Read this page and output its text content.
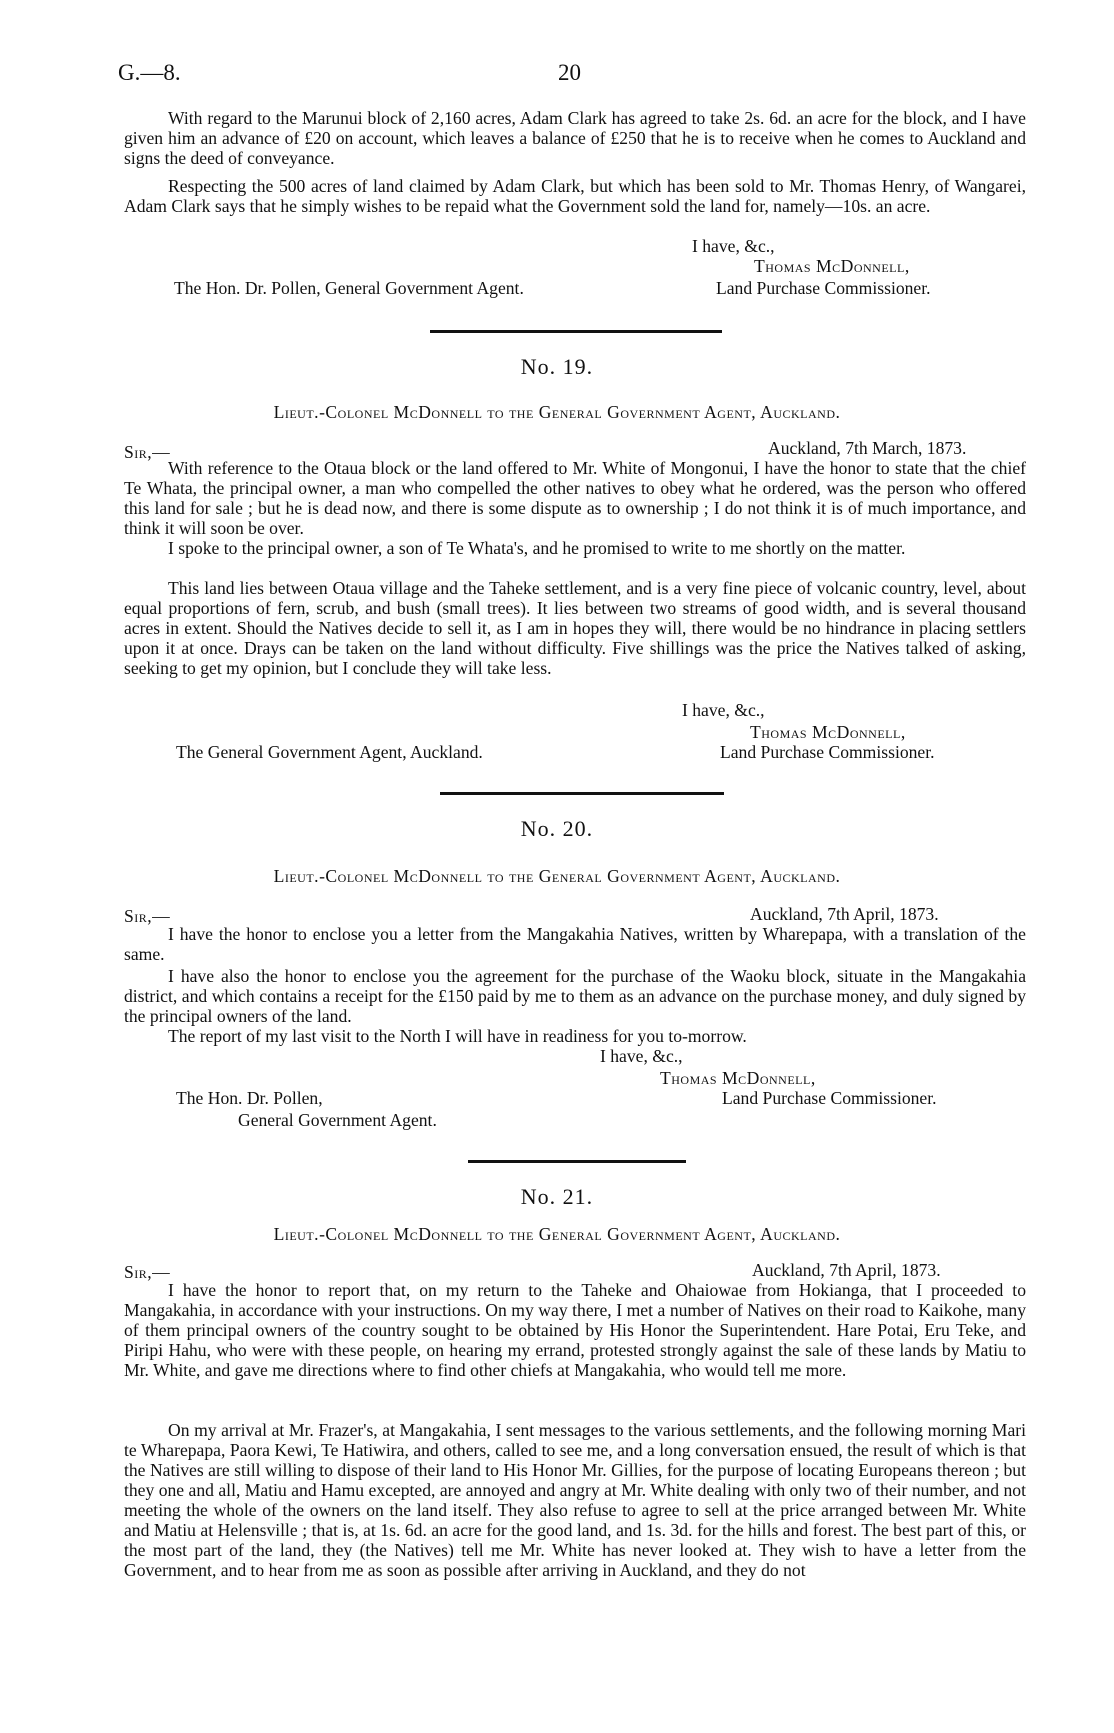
G.—8.	20

With regard to the Marunui block of 2,160 acres, Adam Clark has agreed to take 2s. 6d. an acre for the block, and I have given him an advance of £20 on account, which leaves a balance of £250 that he is to receive when he comes to Auckland and signs the deed of conveyance.

Respecting the 500 acres of land claimed by Adam Clark, but which has been sold to Mr. Thomas Henry, of Wangarei, Adam Clark says that he simply wishes to be repaid what the Government sold the land for, namely—10s. an acre.

I have, &c.,
Thomas McDonnell,
The Hon. Dr. Pollen, General Government Agent.	Land Purchase Commissioner.
No. 19.
Lieut.-Colonel McDonnell to the General Government Agent, Auckland.
Sir,—	Auckland, 7th March, 1873.

With reference to the Otaua block or the land offered to Mr. White of Mongonui, I have the honor to state that the chief Te Whata, the principal owner, a man who compelled the other natives to obey what he ordered, was the person who offered this land for sale ; but he is dead now, and there is some dispute as to ownership ; I do not think it is of much importance, and think it will soon be over.

I spoke to the principal owner, a son of Te Whata's, and he promised to write to me shortly on the matter.

This land lies between Otaua village and the Taheke settlement, and is a very fine piece of volcanic country, level, about equal proportions of fern, scrub, and bush (small trees). It lies between two streams of good width, and is several thousand acres in extent. Should the Natives decide to sell it, as I am in hopes they will, there would be no hindrance in placing settlers upon it at once. Drays can be taken on the land without difficulty. Five shillings was the price the Natives talked of asking, seeking to get my opinion, but I conclude they will take less.

I have, &c.,
Thomas McDonnell,
The General Government Agent, Auckland.	Land Purchase Commissioner.
No. 20.
Lieut.-Colonel McDonnell to the General Government Agent, Auckland.
Sir,—	Auckland, 7th April, 1873.

I have the honor to enclose you a letter from the Mangakahia Natives, written by Wharepapa, with a translation of the same.

I have also the honor to enclose you the agreement for the purchase of the Waoku block, situate in the Mangakahia district, and which contains a receipt for the £150 paid by me to them as an advance on the purchase money, and duly signed by the principal owners of the land.

The report of my last visit to the North I will have in readiness for you to-morrow.

I have, &c.,
Thomas McDonnell,
The Hon. Dr. Pollen,	Land Purchase Commissioner.
General Government Agent.
No. 21.
Lieut.-Colonel McDonnell to the General Government Agent, Auckland.
Sir,—	Auckland, 7th April, 1873.

I have the honor to report that, on my return to the Taheke and Ohaiowae from Hokianga, that I proceeded to Mangakahia, in accordance with your instructions. On my way there, I met a number of Natives on their road to Kaikohe, many of them principal owners of the country sought to be obtained by His Honor the Superintendent. Hare Potai, Eru Teke, and Piripi Hahu, who were with these people, on hearing my errand, protested strongly against the sale of these lands by Matiu to Mr. White, and gave me directions where to find other chiefs at Mangakahia, who would tell me more.

On my arrival at Mr. Frazer's, at Mangakahia, I sent messages to the various settlements, and the following morning Mari te Wharepapa, Paora Kewi, Te Hatiwira, and others, called to see me, and a long conversation ensued, the result of which is that the Natives are still willing to dispose of their land to His Honor Mr. Gillies, for the purpose of locating Europeans thereon ; but they one and all, Matiu and Hamu excepted, are annoyed and angry at Mr. White dealing with only two of their number, and not meeting the whole of the owners on the land itself. They also refuse to agree to sell at the price arranged between Mr. White and Matiu at Helensville ; that is, at 1s. 6d. an acre for the good land, and 1s. 3d. for the hills and forest. The best part of this, or the most part of the land, they (the Natives) tell me Mr. White has never looked at. They wish to have a letter from the Government, and to hear from me as soon as possible after arriving in Auckland, and they do not
